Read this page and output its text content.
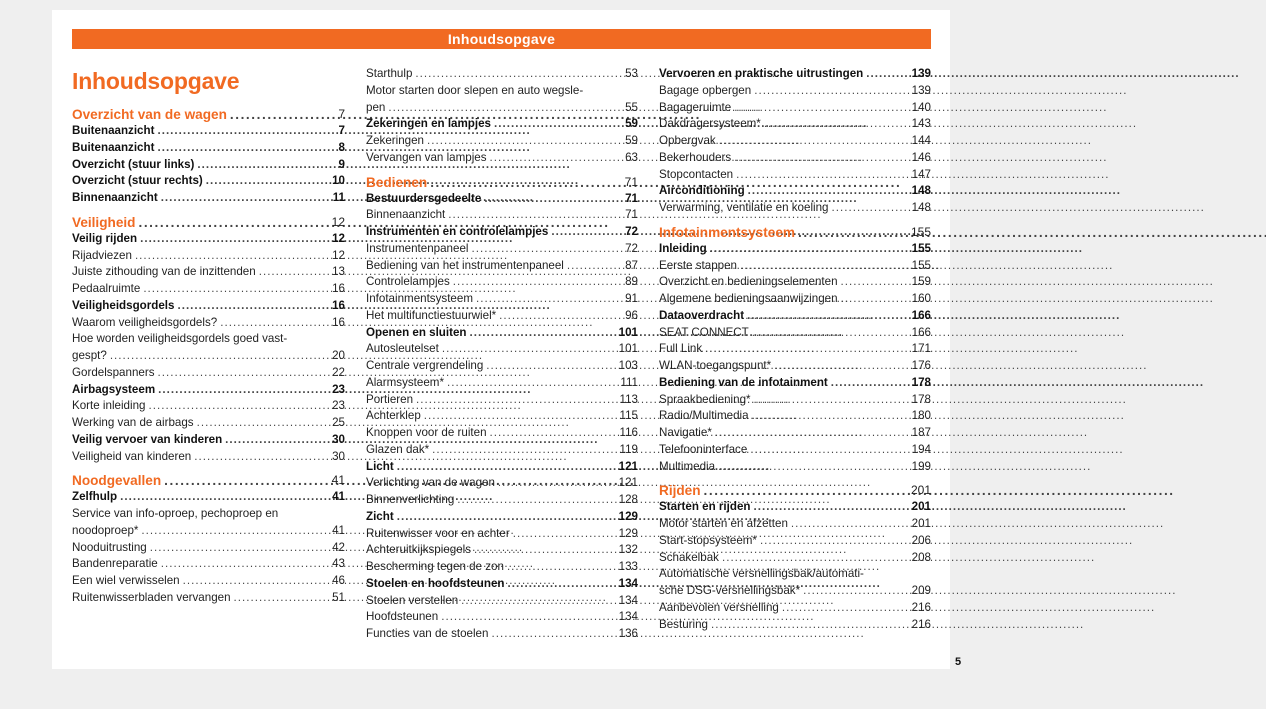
Inhoudsopgave
Inhoudsopgave
Overzicht van de wagen . . .	7
Buitenaanzicht . . .	7
Buitenaanzicht . . .	8
Overzicht (stuur links) . . .	9
Overzicht (stuur rechts) . . .	10
Binnenaanzicht . . .	11
Veiligheid . . .	12
Veilig rijden . . .	12
Rijadviezen . . .	12
Juiste zithouding van de inzittenden . . .	13
Pedaalruimte . . .	16
Veiligheidsgordels . . .	16
Waarom veiligheidsgordels? . . .	16
Hoe worden veiligheidsgordels goed vast-
gespt? . . .	20
Gordelspanners . . .	22
Airbagsysteem . . .	23
Korte inleiding . . .	23
Werking van de airbags . . .	25
Veilig vervoer van kinderen . . .	30
Veiligheid van kinderen . . .	30
Noodgevallen . . .	41
Zelfhulp . . .	41
Service van info-oproep, pechoproep en
noodoproep* . . .	41
Nooduitrusting . . .	42
Bandenreparatie . . .	43
Een wiel verwisselen . . .	46
Ruitenwisserbladen vervangen . . .	51
Starthulp . . .	53
Motor starten door slepen en auto wegsle-
pen . . .	55
Zekeringen en lampjes . . .	59
Zekeringen . . .	59
Vervangen van lampjes . . .	63
Bedienen . . .	71
Bestuurdersgedeelte . . .	71
Binnenaanzicht . . .	71
Instrumenten en controlelampjes . . .	72
Instrumentenpaneel . . .	72
Bediening van het instrumentenpaneel . . .	87
Controlelampjes . . .	89
Infotainmentsysteem . . .	91
Het multifunctiestuurwiel* . . .	96
Openen en sluiten . . .	101
Autosleutelset . . .	101
Centrale vergrendeling . . .	103
Alarmsysteem* . . .	111
Portieren . . .	113
Achterklep . . .	115
Knoppen voor de ruiten . . .	116
Glazen dak* . . .	119
Licht . . .	121
Verlichting van de wagen . . .	121
Binnenverlichting . . .	128
Zicht . . .	129
Ruitenwisser voor en achter . . .	129
Achteruitkijkspiegels . . .	132
Bescherming tegen de zon . . .	133
Stoelen en hoofdsteunen . . .	134
Stoelen verstellen . . .	134
Hoofdsteunen . . .	134
Functies van de stoelen . . .	136
Vervoeren en praktische uitrustingen . . .	139
Bagage opbergen . . .	139
Bagageruimte . . .	140
Dakdragersysteem* . . .	143
Opbergvak . . .	144
Bekerhouders . . .	146
Stopcontacten . . .	147
Airconditioning . . .	148
Verwarming, ventilatie en koeling . . .	148
Infotainmentsysteem . . .	155
Inleiding . . .	155
Eerste stappen . . .	155
Overzicht en bedieningselementen . . .	159
Algemene bedieningsaanwijzingen . . .	160
Dataoverdracht . . .	166
SEAT CONNECT . . .	166
Full Link . . .	171
WLAN-toegangspunt* . . .	176
Bediening van de infotainment . . .	178
Spraakbediening* . . .	178
Radio/Multimedia . . .	180
Navigatie* . . .	187
Telefooninterface . . .	194
Multimedia . . .	199
Rijden . . .	201
Starten en rijden . . .	201
Motor starten en afzetten . . .	201
Start-stopsysteem* . . .	206
Schakelbak . . .	208
Automatische versnellingsbak/automati-
sche DSG-versnellingsbak* . . .	209
Aanbevolen versnelling . . .	216
Besturing . . .	216
5
